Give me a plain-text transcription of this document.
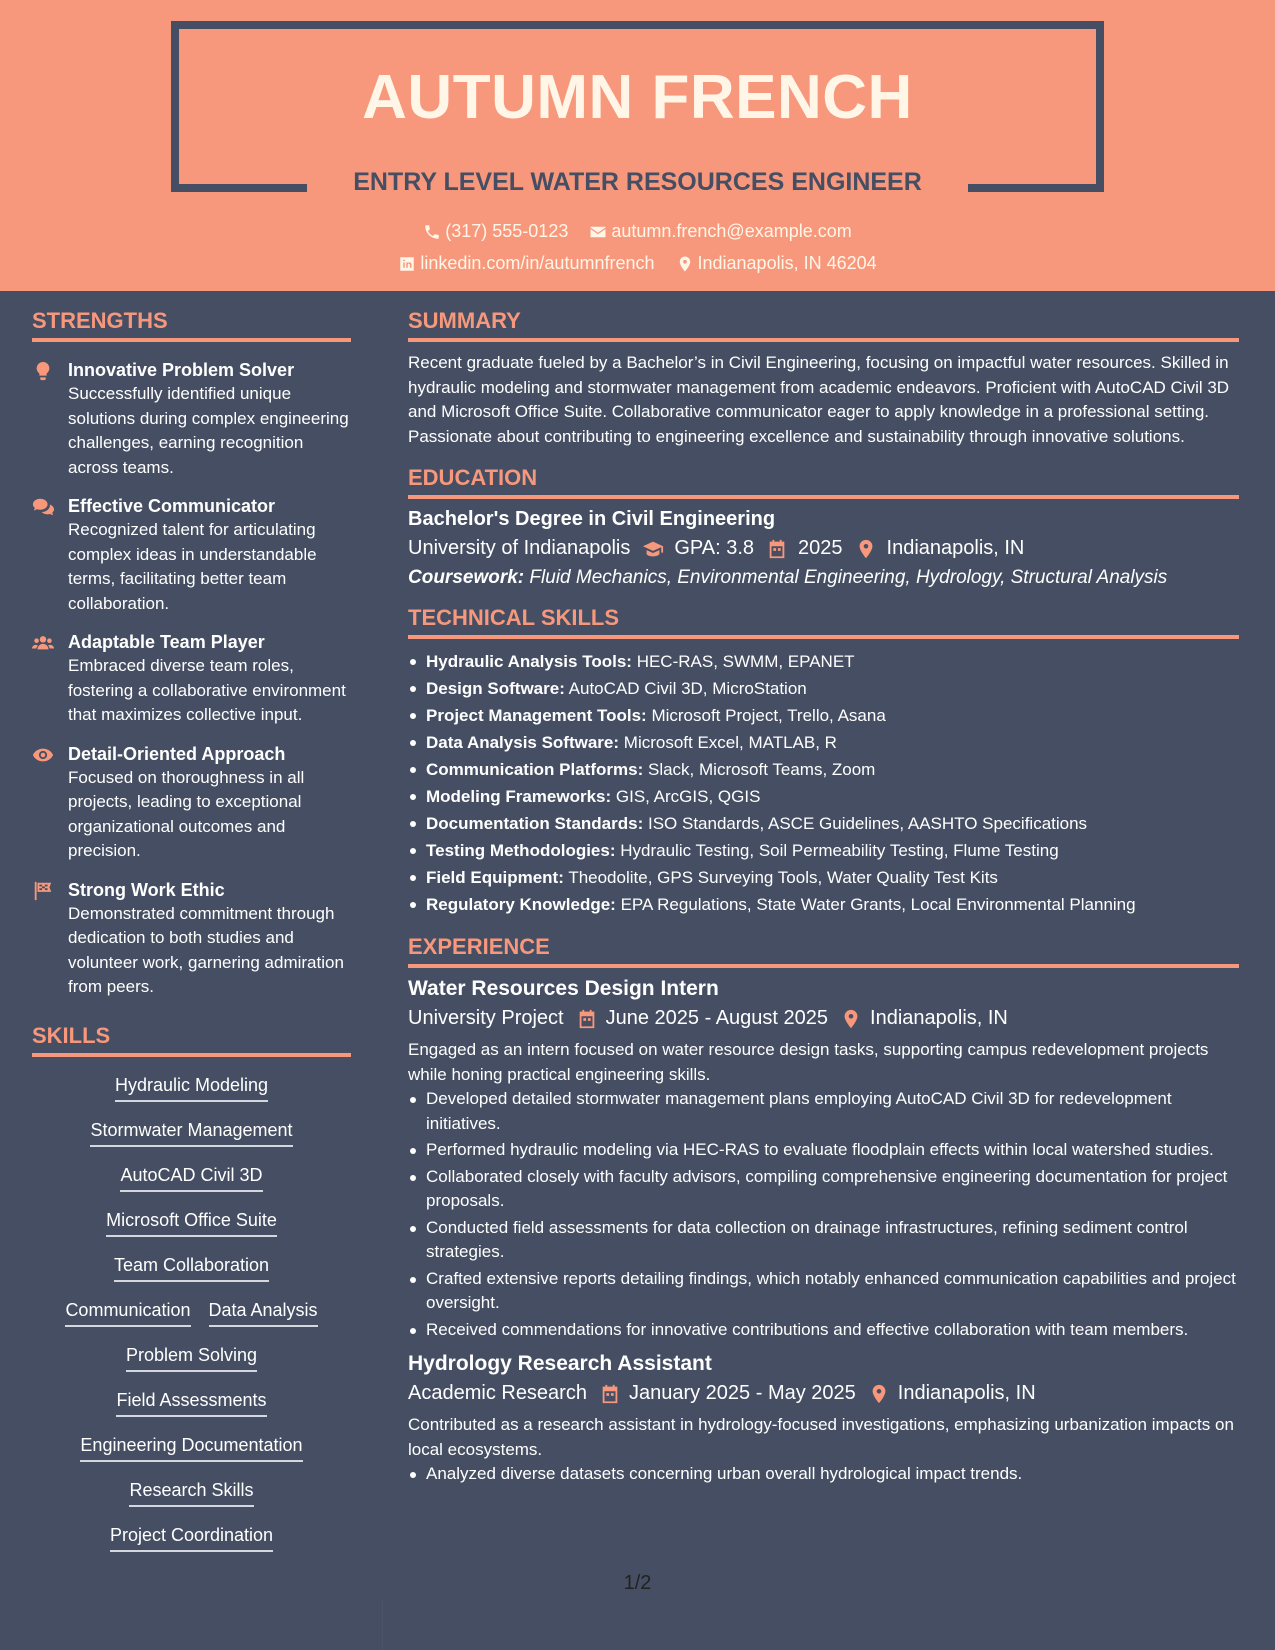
AUTUMN FRENCH
ENTRY LEVEL WATER RESOURCES ENGINEER
(317) 555-0123
autumn.french@example.com
linkedin.com/in/autumnfrench
Indianapolis, IN 46204
STRENGTHS
Innovative Problem Solver
Successfully identified unique solutions during complex engineering challenges, earning recognition across teams.
Effective Communicator
Recognized talent for articulating complex ideas in understandable terms, facilitating better team collaboration.
Adaptable Team Player
Embraced diverse team roles, fostering a collaborative environment that maximizes collective input.
Detail-Oriented Approach
Focused on thoroughness in all projects, leading to exceptional organizational outcomes and precision.
Strong Work Ethic
Demonstrated commitment through dedication to both studies and volunteer work, garnering admiration from peers.
SKILLS
Hydraulic Modeling
Stormwater Management
AutoCAD Civil 3D
Microsoft Office Suite
Team Collaboration
Communication Data Analysis
Problem Solving
Field Assessments
Engineering Documentation
Research Skills
Project Coordination
SUMMARY
Recent graduate fueled by a Bachelor’s in Civil Engineering, focusing on impactful water resources. Skilled in hydraulic modeling and stormwater management from academic endeavors. Proficient with AutoCAD Civil 3D and Microsoft Office Suite. Collaborative communicator eager to apply knowledge in a professional setting. Passionate about contributing to engineering excellence and sustainability through innovative solutions.
EDUCATION
Bachelor's Degree in Civil Engineering
University of Indianapolis GPA: 3.8 2025 Indianapolis, IN
Coursework: Fluid Mechanics, Environmental Engineering, Hydrology, Structural Analysis
TECHNICAL SKILLS
Hydraulic Analysis Tools: HEC-RAS, SWMM, EPANET
Design Software: AutoCAD Civil 3D, MicroStation
Project Management Tools: Microsoft Project, Trello, Asana
Data Analysis Software: Microsoft Excel, MATLAB, R
Communication Platforms: Slack, Microsoft Teams, Zoom
Modeling Frameworks: GIS, ArcGIS, QGIS
Documentation Standards: ISO Standards, ASCE Guidelines, AASHTO Specifications
Testing Methodologies: Hydraulic Testing, Soil Permeability Testing, Flume Testing
Field Equipment: Theodolite, GPS Surveying Tools, Water Quality Test Kits
Regulatory Knowledge: EPA Regulations, State Water Grants, Local Environmental Planning
EXPERIENCE
Water Resources Design Intern
University Project June 2025 - August 2025 Indianapolis, IN
Engaged as an intern focused on water resource design tasks, supporting campus redevelopment projects while honing practical engineering skills.
Developed detailed stormwater management plans employing AutoCAD Civil 3D for redevelopment initiatives.
Performed hydraulic modeling via HEC-RAS to evaluate floodplain effects within local watershed studies.
Collaborated closely with faculty advisors, compiling comprehensive engineering documentation for project proposals.
Conducted field assessments for data collection on drainage infrastructures, refining sediment control strategies.
Crafted extensive reports detailing findings, which notably enhanced communication capabilities and project oversight.
Received commendations for innovative contributions and effective collaboration with team members.
Hydrology Research Assistant
Academic Research January 2025 - May 2025 Indianapolis, IN
Contributed as a research assistant in hydrology-focused investigations, emphasizing urbanization impacts on local ecosystems.
Analyzed diverse datasets concerning urban overall hydrological impact trends.
1/2
